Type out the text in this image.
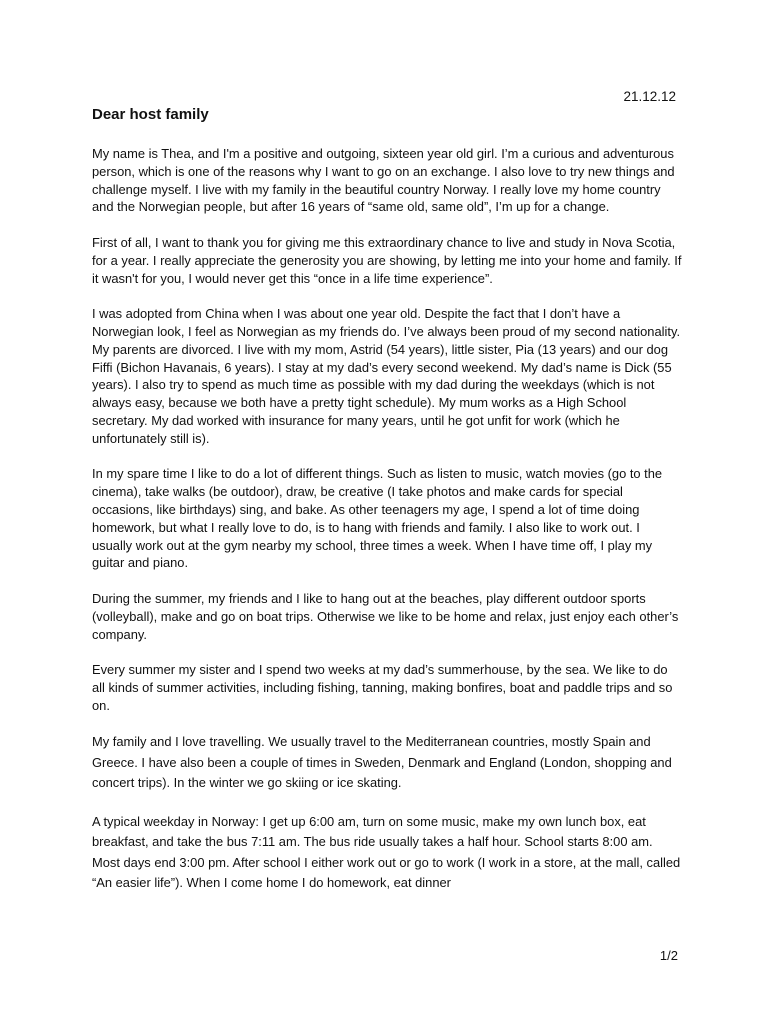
21.12.12
Dear host family

My name is Thea, and I'm a positive and outgoing, sixteen year old girl. I’m a curious and adventurous person, which is one of the reasons why I want to go on an exchange. I also love to try new things and challenge myself. I live with my family in the beautiful country Norway. I really love my home country and the Norwegian people, but after 16 years of “same old, same old”, I’m up for a change.

First of all, I want to thank you for giving me this extraordinary chance to live and study in Nova Scotia, for a year. I really appreciate the generosity you are showing, by letting me into your home and family. If it wasn't for you, I would never get this “once in a life time experience”.

I was adopted from China when I was about one year old. Despite the fact that I don’t have a Norwegian look, I feel as Norwegian as my friends do. I’ve always been proud of my second nationality. My parents are divorced. I live with my mom, Astrid (54 years), little sister, Pia (13 years) and our dog Fiffi (Bichon Havanais, 6 years). I stay at my dad’s every second weekend. My dad’s name is Dick (55 years). I also try to spend as much time as possible with my dad during the weekdays (which is not always easy, because we both have a pretty tight schedule). My mum works as a High School secretary. My dad worked with insurance for many years, until he got unfit for work (which he unfortunately still is).

In my spare time I like to do a lot of different things. Such as listen to music, watch movies (go to the cinema), take walks (be outdoor), draw, be creative (I take photos and make cards for special occasions, like birthdays) sing, and bake. As other teenagers my age, I spend a lot of time doing homework, but what I really love to do, is to hang with friends and family. I also like to work out. I usually work out at the gym nearby my school, three times a week. When I have time off, I play my guitar and piano.

During the summer, my friends and I like to hang out at the beaches, play different outdoor sports (volleyball), make and go on boat trips. Otherwise we like to be home and relax, just enjoy each other’s company.

Every summer my sister and I spend two weeks at my dad’s summerhouse, by the sea. We like to do all kinds of summer activities, including fishing, tanning, making bonfires, boat and paddle trips and so on.

My family and I love travelling. We usually travel to the Mediterranean countries, mostly Spain and Greece. I have also been a couple of times in Sweden, Denmark and England (London, shopping and concert trips). In the winter we go skiing or ice skating.

A typical weekday in Norway: I get up 6:00 am, turn on some music, make my own lunch box, eat breakfast, and take the bus 7:11 am. The bus ride usually takes a half hour. School starts 8:00 am. Most days end 3:00 pm. After school I either work out or go to work (I work in a store, at the mall, called “An easier life”). When I come home I do homework, eat dinner

1/2
